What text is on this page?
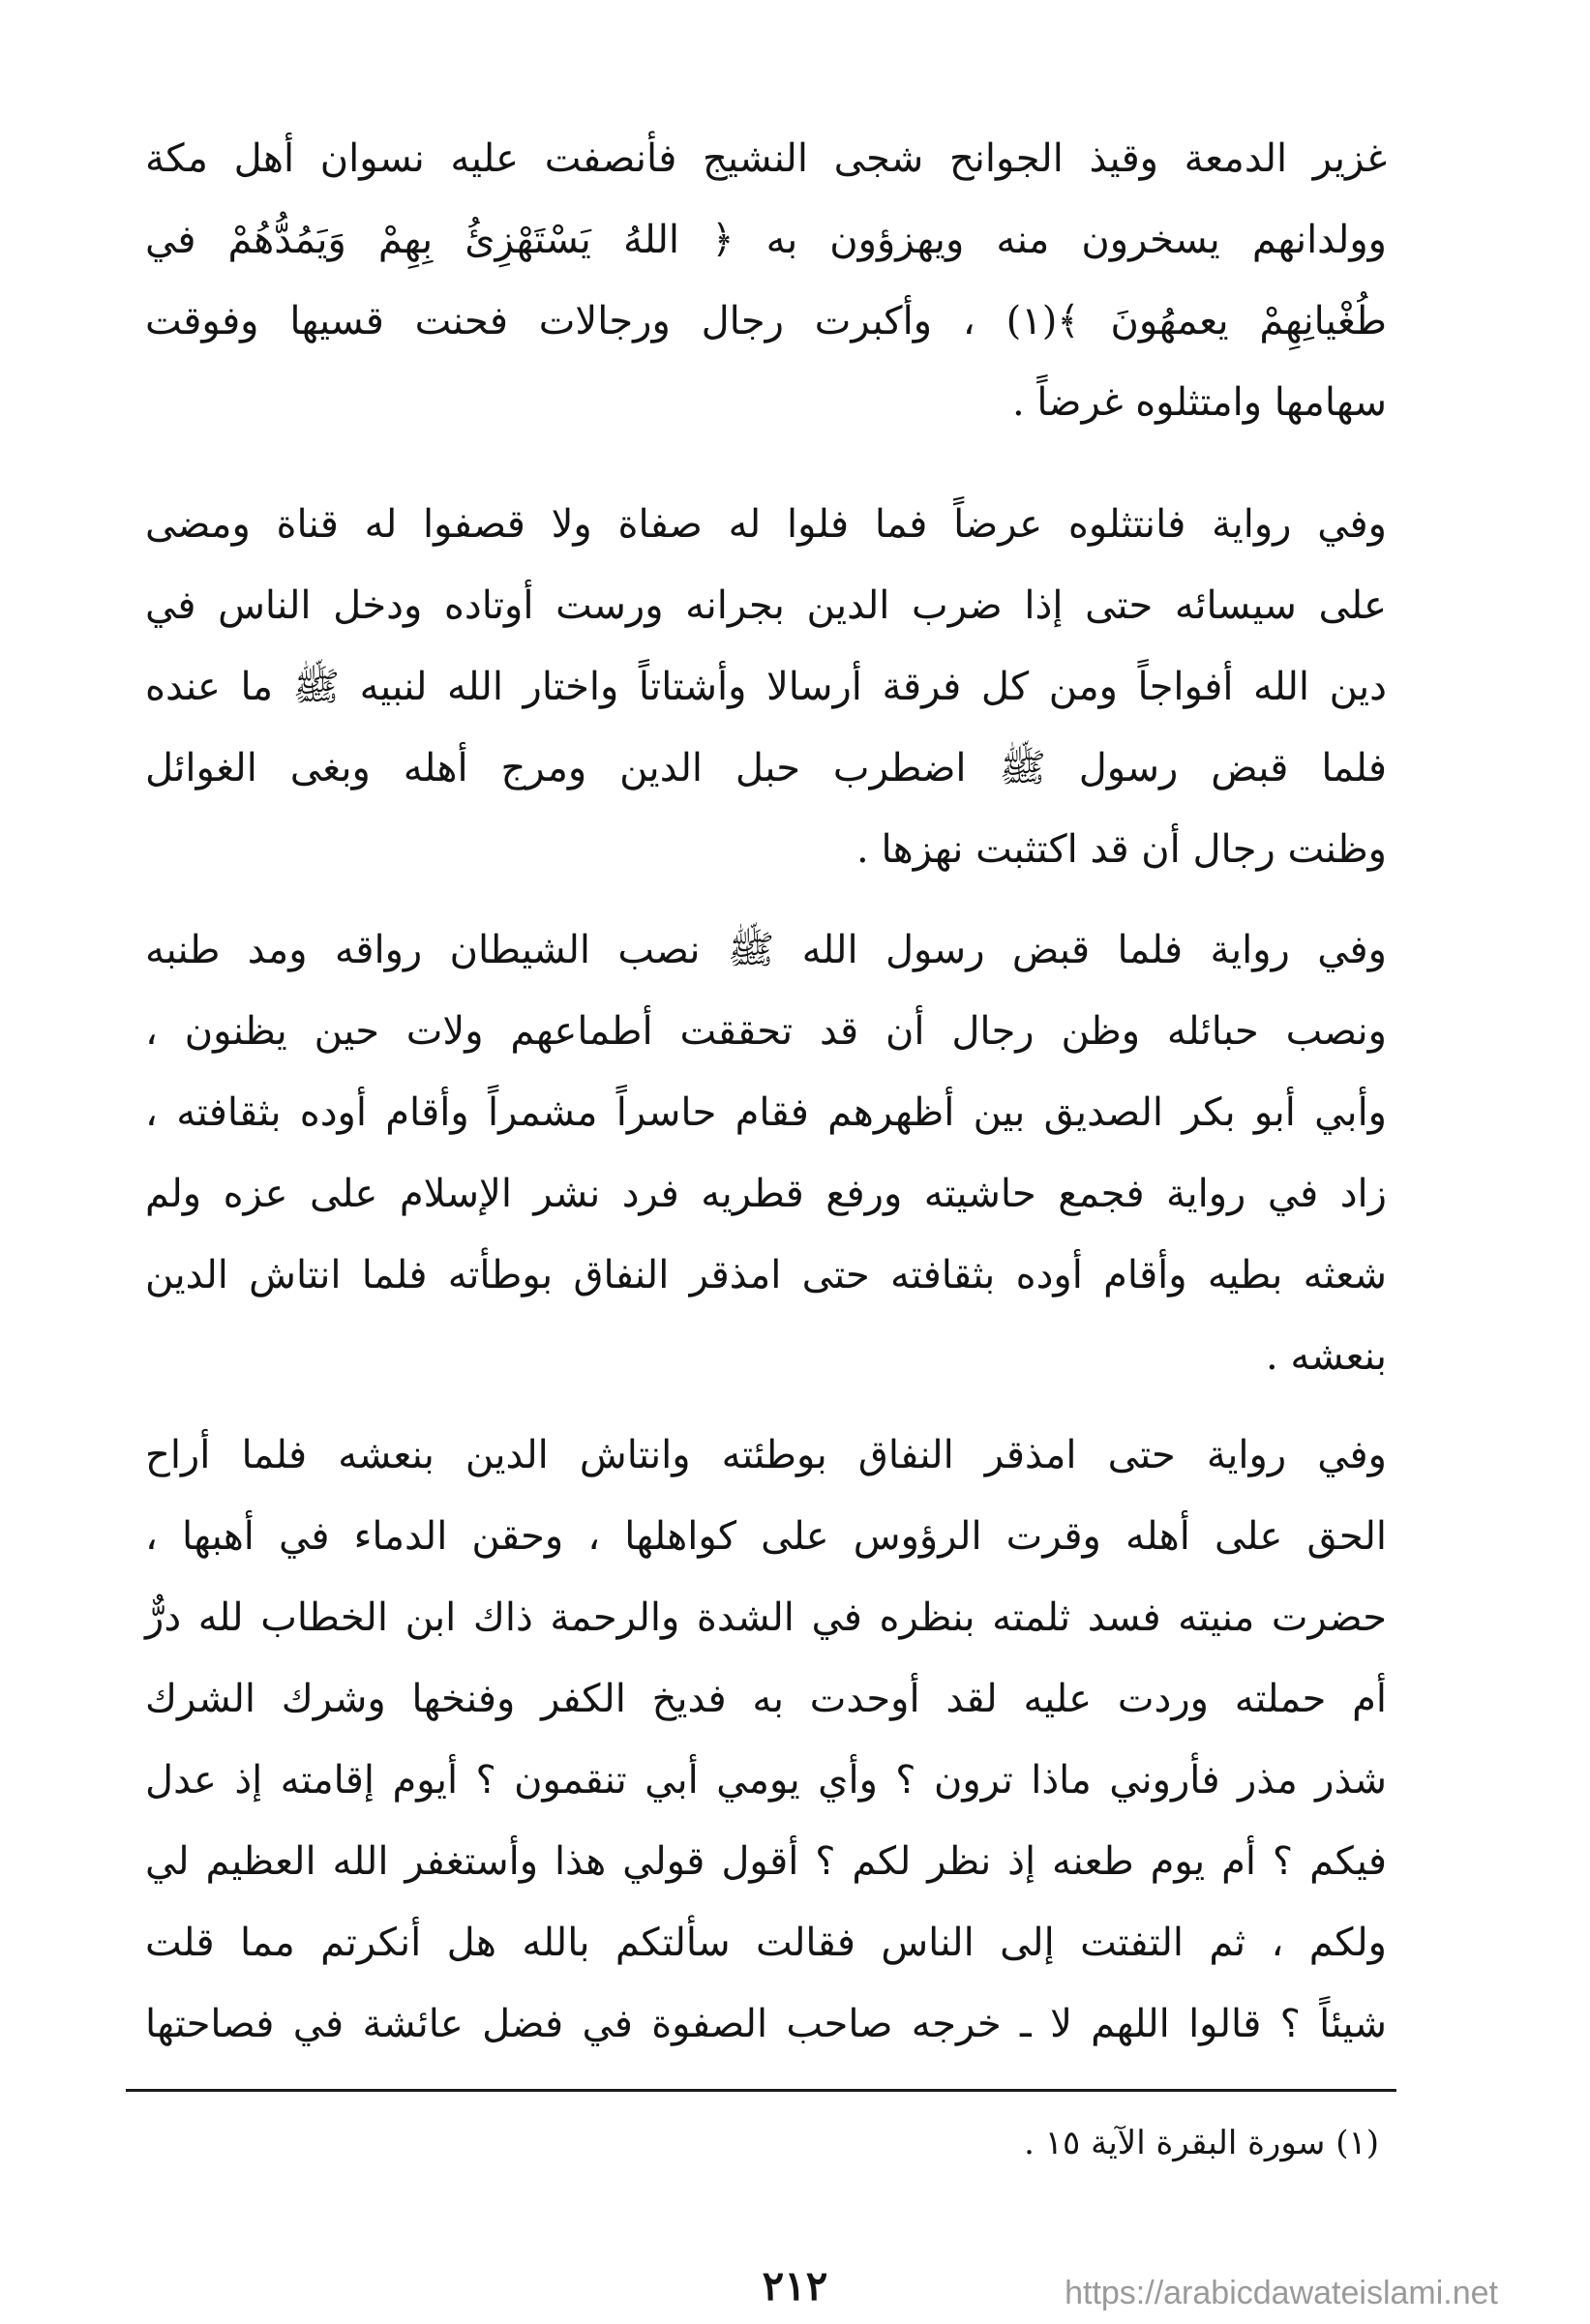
غزير الدمعة وقيذ الجوانح شجى النشيج فأنصفت عليه نسوان أهل مكة
وولدانهم يسخرون منه ويهزؤون به ﴿ اللهُ يَسْتَهْزِئُ بِهِمْ وَيَمُدُّهُمْ في
طُغْيانِهِمْ يعمهُونَ ﴾(١) ، وأكبرت رجال ورجالات فحنت قسيها وفوقت
سهامها وامتثلوه غرضاً .
وفي رواية فانتثلوه عرضاً فما فلوا له صفاة ولا قصفوا له قناة ومضى
على سيسائه حتى إذا ضرب الدين بجرانه ورست أوتاده ودخل الناس في
دين الله أفواجاً ومن كل فرقة أرسالا وأشتاتاً واختار الله لنبيه ﷺ ما عنده
فلما قبض رسول ﷺ اضطرب حبل الدين ومرج أهله وبغى الغوائل
وظنت رجال أن قد اكتثبت نهزها .
وفي رواية فلما قبض رسول الله ﷺ نصب الشيطان رواقه ومد طنبه
ونصب حبائله وظن رجال أن قد تحققت أطماعهم ولات حين يظنون ،
وأبي أبو بكر الصديق بين أظهرهم فقام حاسراً مشمراً وأقام أوده بثقافته ،
زاد في رواية فجمع حاشيته ورفع قطريه فرد نشر الإسلام على عزه ولم
شعثه بطيه وأقام أوده بثقافته حتى امذقر النفاق بوطأته فلما انتاش الدين
بنعشه .
وفي رواية حتى امذقر النفاق بوطئته وانتاش الدين بنعشه فلما أراح
الحق على أهله وقرت الرؤوس على كواهلها ، وحقن الدماء في أهبها ،
حضرت منيته فسد ثلمته بنظره في الشدة والرحمة ذاك ابن الخطاب لله درٌّ
أم حملته وردت عليه لقد أوحدت به فديخ الكفر وفنخها وشرك الشرك
شذر مذر فأروني ماذا ترون ؟ وأي يومي أبي تنقمون ؟ أيوم إقامته إذ عدل
فيكم ؟ أم يوم طعنه إذ نظر لكم ؟ أقول قولي هذا وأستغفر الله العظيم لي
ولكم ، ثم التفتت إلى الناس فقالت سألتكم بالله هل أنكرتم مما قلت
شيئاً ؟ قالوا اللهم لا ـ خرجه صاحب الصفوة في فضل عائشة في فصاحتها
(١) سورة البقرة الآية ١٥ .
٢١٢	https://arabicdawateislami.net
